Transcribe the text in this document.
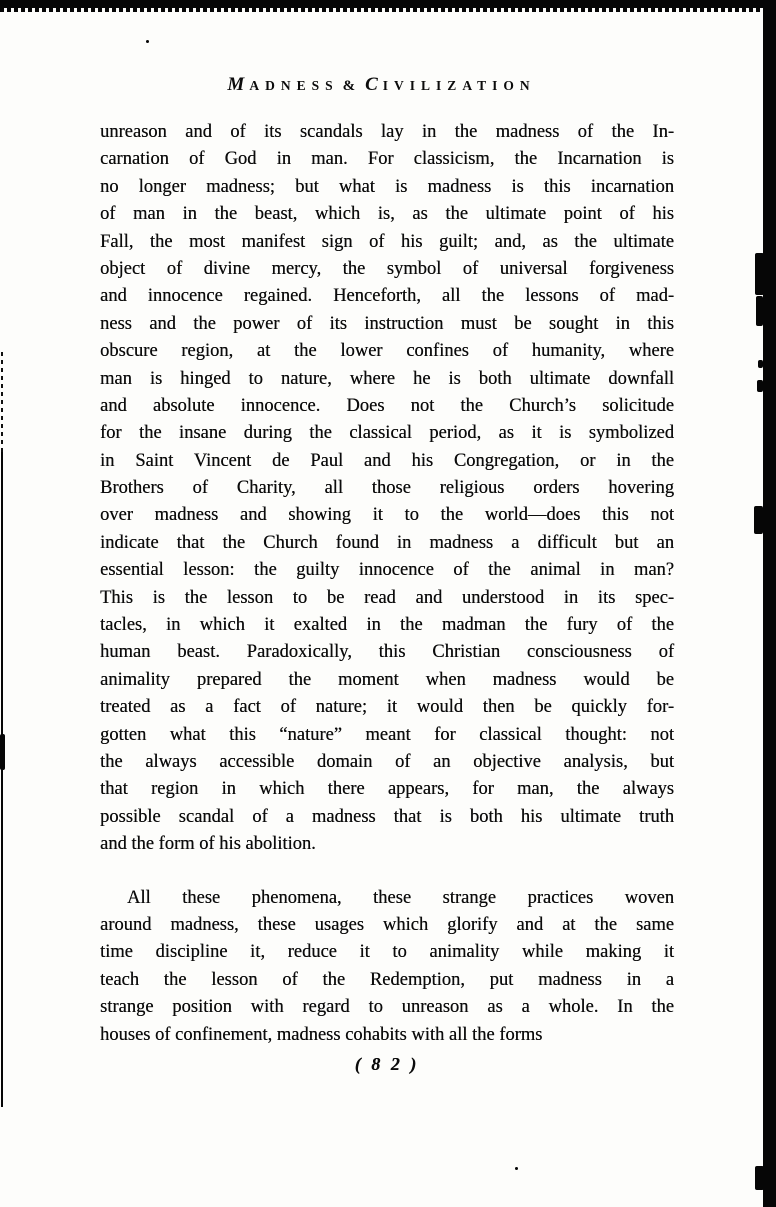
MADNESS & CIVILIZATION
unreason and of its scandals lay in the madness of the In-
carnation of God in man. For classicism, the Incarnation is
no longer madness; but what is madness is this incarnation
of man in the beast, which is, as the ultimate point of his
Fall, the most manifest sign of his guilt; and, as the ultimate
object of divine mercy, the symbol of universal forgiveness
and innocence regained. Henceforth, all the lessons of mad-
ness and the power of its instruction must be sought in this
obscure region, at the lower confines of humanity, where
man is hinged to nature, where he is both ultimate downfall
and absolute innocence. Does not the Church’s solicitude
for the insane during the classical period, as it is symbolized
in Saint Vincent de Paul and his Congregation, or in the
Brothers of Charity, all those religious orders hovering
over madness and showing it to the world—does this not
indicate that the Church found in madness a difficult but an
essential lesson: the guilty innocence of the animal in man?
This is the lesson to be read and understood in its spec-
tacles, in which it exalted in the madman the fury of the
human beast. Paradoxically, this Christian consciousness of
animality prepared the moment when madness would be
treated as a fact of nature; it would then be quickly for-
gotten what this “nature” meant for classical thought: not
the always accessible domain of an objective analysis, but
that region in which there appears, for man, the always
possible scandal of a madness that is both his ultimate truth
and the form of his abolition.
All these phenomena, these strange practices woven
around madness, these usages which glorify and at the same
time discipline it, reduce it to animality while making it
teach the lesson of the Redemption, put madness in a
strange position with regard to unreason as a whole. In the
houses of confinement, madness cohabits with all the forms
( 8 2 )
